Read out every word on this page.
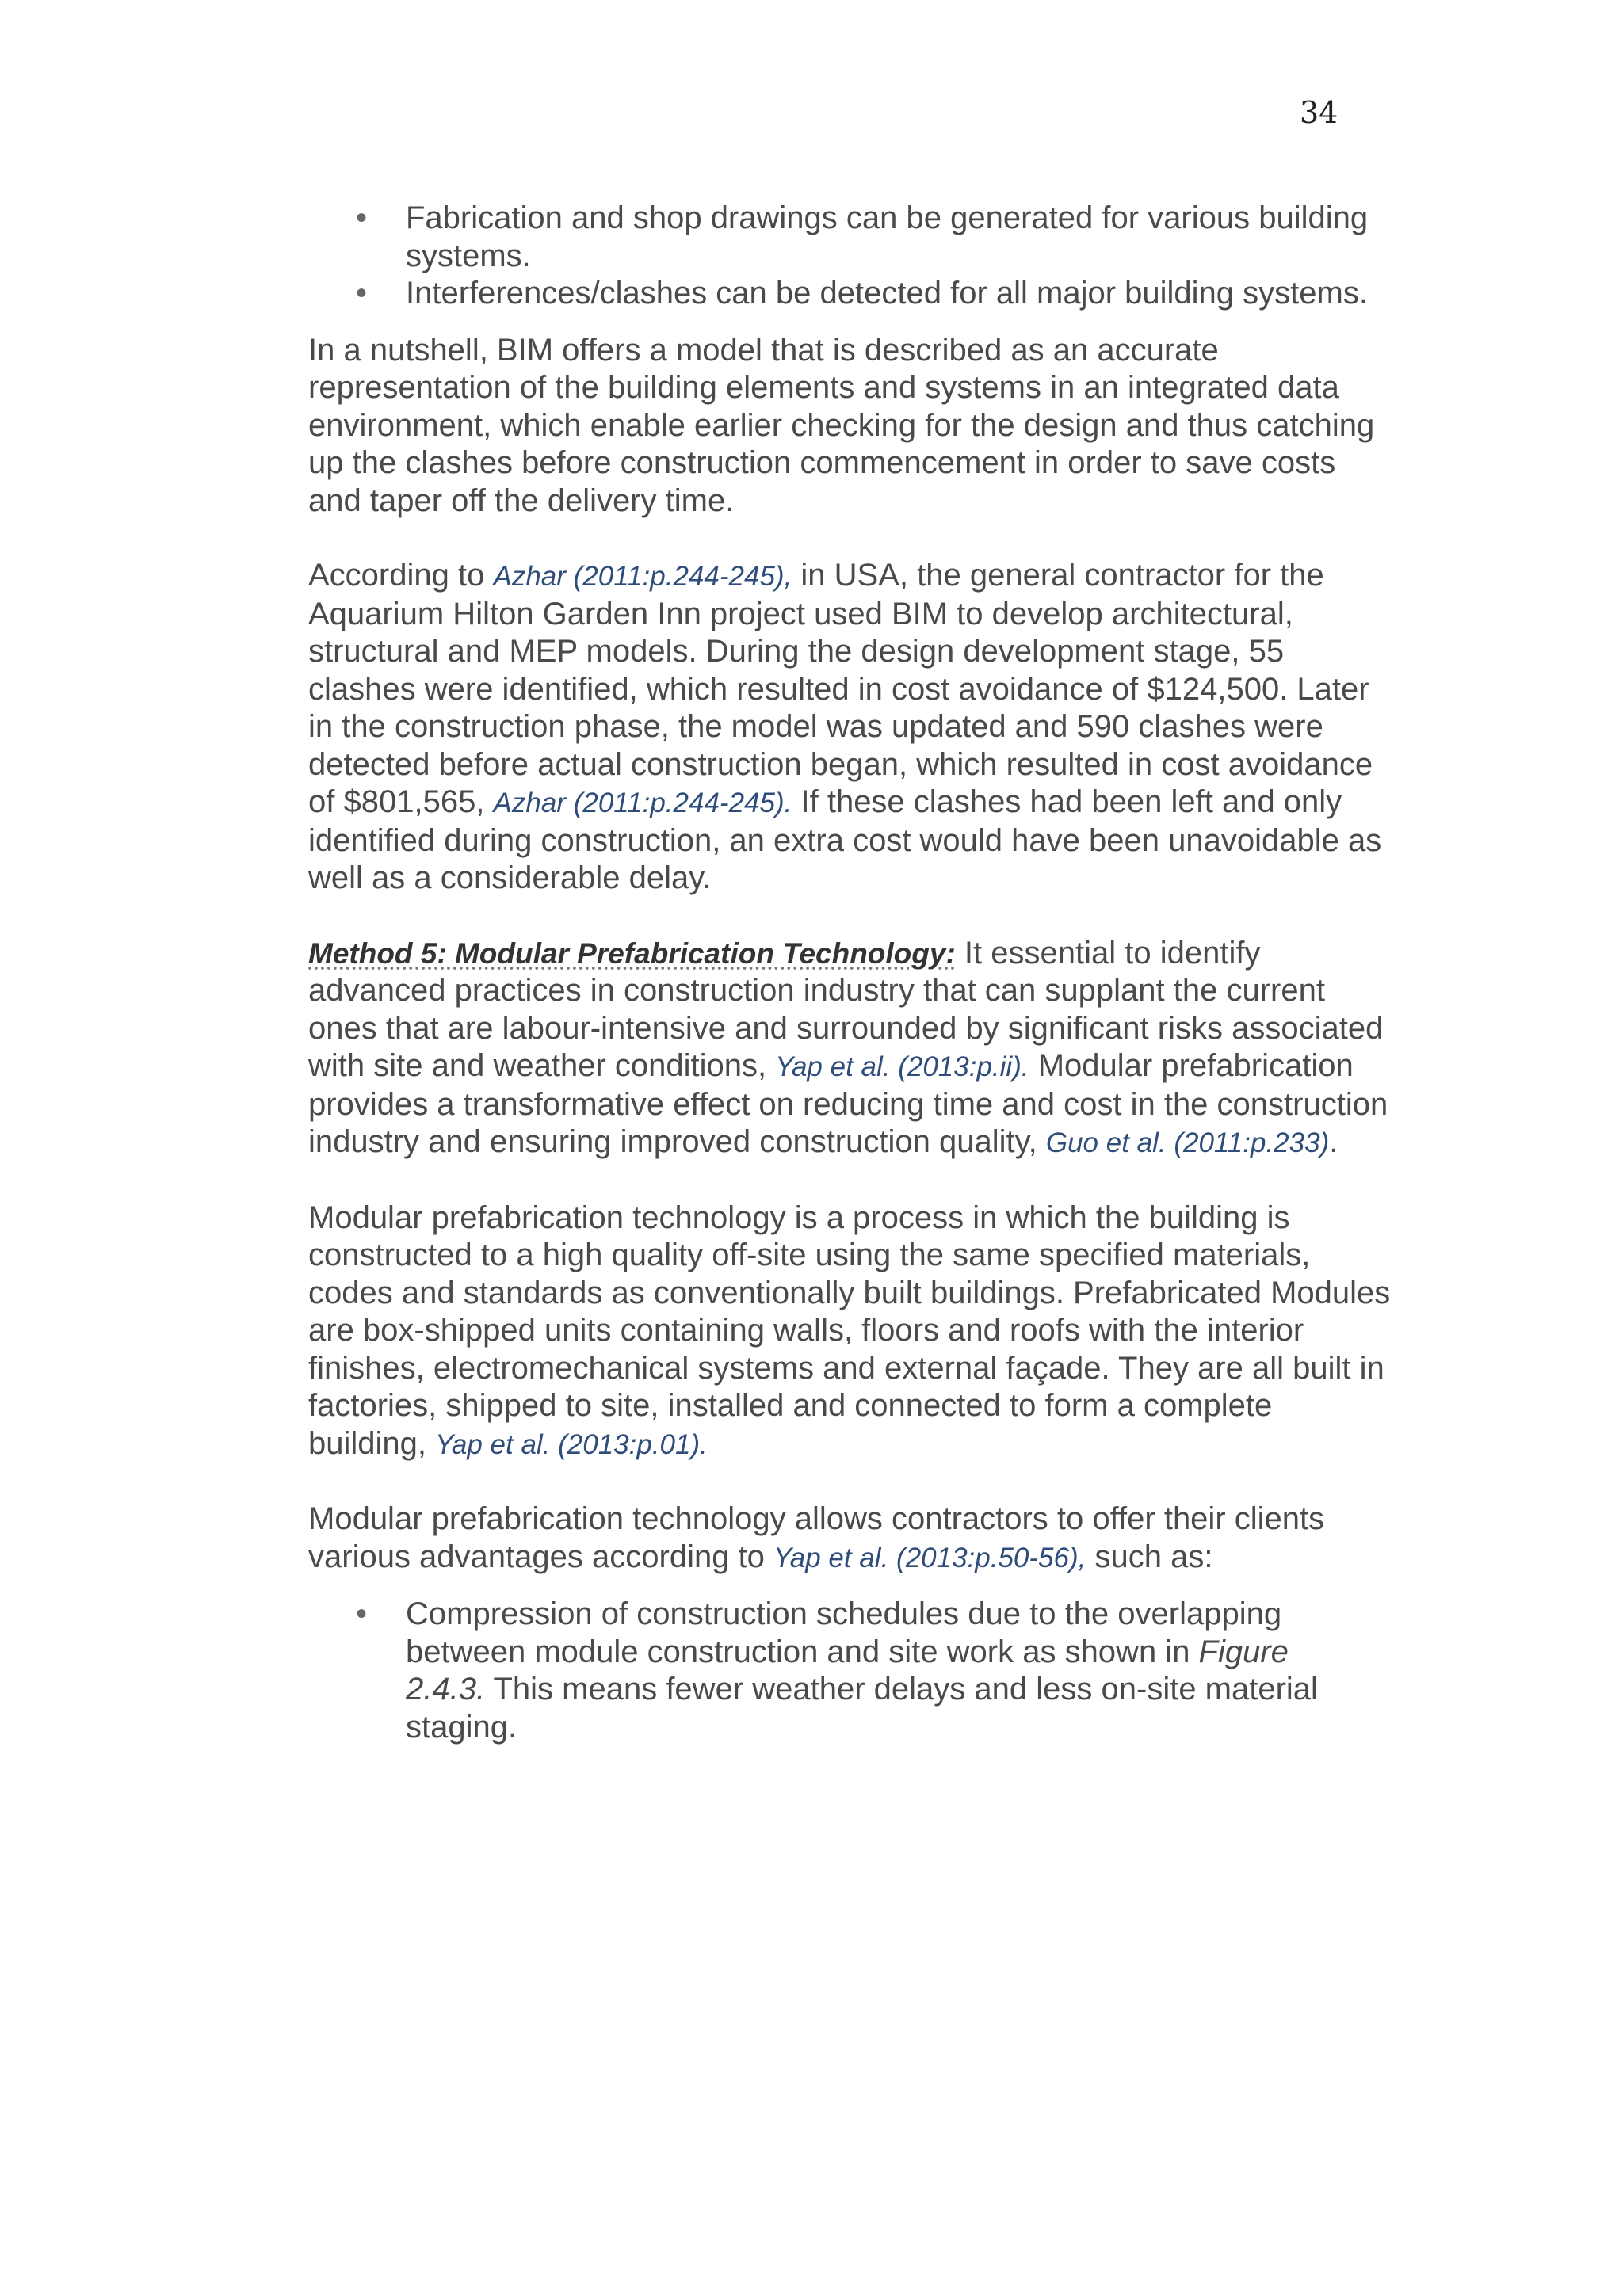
34
• Fabrication and shop drawings can be generated for various building systems.
• Interferences/clashes can be detected for all major building systems.

In a nutshell, BIM offers a model that is described as an accurate representation of the building elements and systems in an integrated data environment, which enable earlier checking for the design and thus catching up the clashes before construction commencement in order to save costs and taper off the delivery time.

According to Azhar (2011:p.244-245), in USA, the general contractor for the Aquarium Hilton Garden Inn project used BIM to develop architectural, structural and MEP models. During the design development stage, 55 clashes were identified, which resulted in cost avoidance of $124,500. Later in the construction phase, the model was updated and 590 clashes were detected before actual construction began, which resulted in cost avoidance of $801,565, Azhar (2011:p.244-245). If these clashes had been left and only identified during construction, an extra cost would have been unavoidable as well as a considerable delay.

Method 5: Modular Prefabrication Technology: It essential to identify advanced practices in construction industry that can supplant the current ones that are labour-intensive and surrounded by significant risks associated with site and weather conditions, Yap et al. (2013:p.ii). Modular prefabrication provides a transformative effect on reducing time and cost in the construction industry and ensuring improved construction quality, Guo et al. (2011:p.233).

Modular prefabrication technology is a process in which the building is constructed to a high quality off-site using the same specified materials, codes and standards as conventionally built buildings. Prefabricated Modules are box-shipped units containing walls, floors and roofs with the interior finishes, electromechanical systems and external façade. They are all built in factories, shipped to site, installed and connected to form a complete building, Yap et al. (2013:p.01).

Modular prefabrication technology allows contractors to offer their clients various advantages according to Yap et al. (2013:p.50-56), such as:

• Compression of construction schedules due to the overlapping between module construction and site work as shown in Figure 2.4.3. This means fewer weather delays and less on-site material staging.
